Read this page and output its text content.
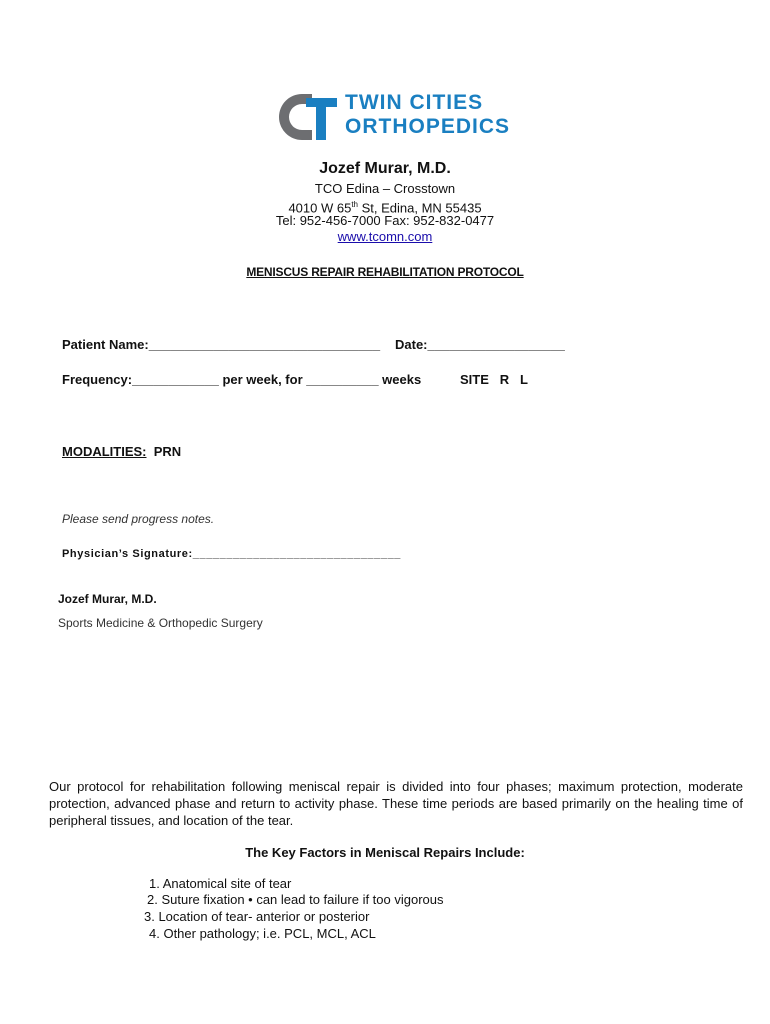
TWIN CITIES
ORTHOPEDICS
Jozef Murar, M.D.
TCO Edina – Crosstown
4010 W 65th St, Edina, MN 55435
Tel: 952-456-7000 Fax: 952-832-0477
www.tcomn.com
MENISCUS REPAIR REHABILITATION PROTOCOL
Patient Name:________________________________ Date:___________________
Frequency:____________ per week, for __________ weeks	SITE   R   L
MODALITIES: PRN
Please send progress notes.
Physician’s Signature:_______________________________
Jozef Murar, M.D.
Sports Medicine & Orthopedic Surgery
Our protocol for rehabilitation following meniscal repair is divided into four phases; maximum protection, moderate protection, advanced phase and return to activity phase. These time periods are based primarily on the healing time of peripheral tissues, and location of the tear.
The Key Factors in Meniscal Repairs Include:
1. Anatomical site of tear
2. Suture fixation • can lead to failure if too vigorous
3. Location of tear- anterior or posterior
4. Other pathology; i.e. PCL, MCL, ACL
